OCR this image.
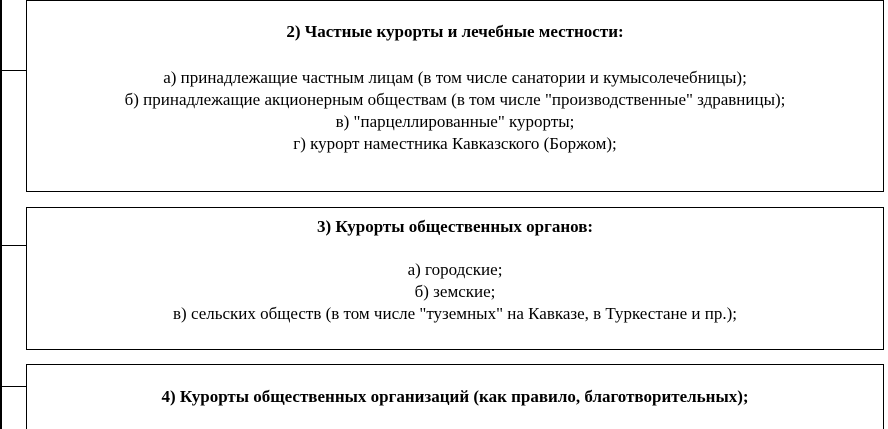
2) Частные курорты и лечебные местности:

а) принадлежащие частным лицам (в том числе санатории и кумысолечебницы);
б) принадлежащие акционерным обществам (в том числе "производственные" здравницы);
в) "парцеллированные" курорты;
г) курорт наместника Кавказского (Боржом);

3) Курорты общественных органов:

а) городские;
б) земские;
в) сельских обществ (в том числе "туземных" на Кавказе, в Туркестане и пр.);

4) Курорты общественных организаций (как правило, благотворительных);
